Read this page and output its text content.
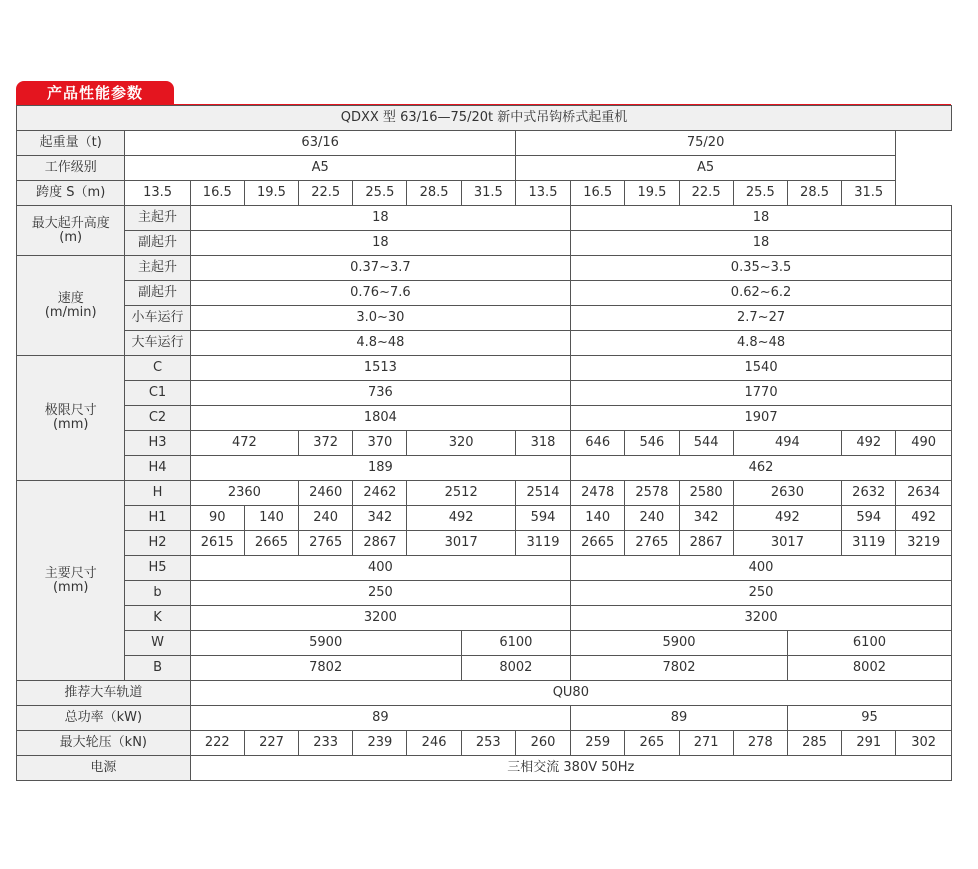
产品性能参数
QDXX 型 63/16—75/20t 新中式吊钩桥式起重机															
起重量（t)	63/16							75/20							
工作级别	A5							A5							
跨度 S（m)	13.5	16.5	19.5	22.5	25.5	28.5	31.5	13.5	16.5	19.5	22.5	25.5	28.5	31.5	
最大起升高度
(m)	主起升	18							18						
	副起升	18							18						
速度
(m/min)	主起升	0.37~3.7							0.35~3.5						
	副起升	0.76~7.6							0.62~6.2						
	小车运行	3.0~30							2.7~27						
	大车运行	4.8~48							4.8~48						
极限尺寸
(mm)	C	1513							1540						
	C1	736							1770						
	C2	1804							1907						
	H3	472		372	370	320		318	646	546	544	494		492	490
	H4	189							462						
主要尺寸
(mm)	H	2360		2460	2462	2512		2514	2478	2578	2580	2630		2632	2634
	H1	90	140	240	342	492		594	140	240	342	492		594	492
	H2	2615	2665	2765	2867	3017		3119	2665	2765	2867	3017		3119	3219
	H5	400							400						
	b	250							250						
	K	3200							3200						
	W	5900					6100		5900				6100		
	B	7802					8002		7802				8002		
推荐大车轨道		QU80													
总功率（kW)		89							89				95		
最大轮压（kN)		222	227	233	239	246	253	260	259	265	271	278	285	291	302
电源		三相交流 380V 50Hz													
